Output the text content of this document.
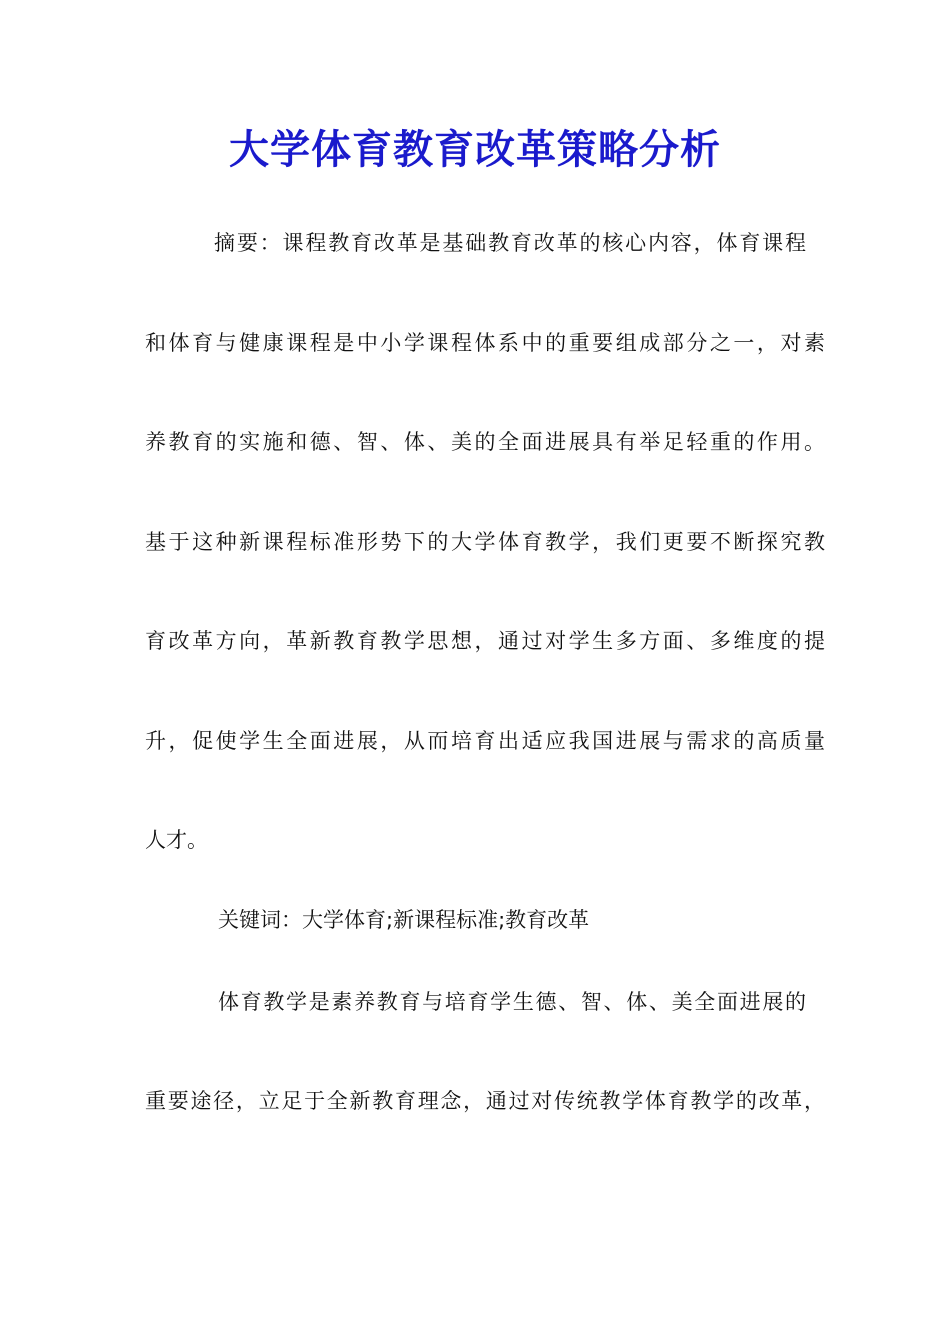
大学体育教育改革策略分析
摘要：课程教育改革是基础教育改革的核心内容，体育课程
和体育与健康课程是中小学课程体系中的重要组成部分之一，对素
养教育的实施和德、智、体、美的全面进展具有举足轻重的作用。
基于这种新课程标准形势下的大学体育教学，我们更要不断探究教
育改革方向，革新教育教学思想，通过对学生多方面、多维度的提
升，促使学生全面进展，从而培育出适应我国进展与需求的高质量
人才。
关键词：大学体育;新课程标准;教育改革
体育教学是素养教育与培育学生德、智、体、美全面进展的
重要途径，立足于全新教育理念，通过对传统教学体育教学的改革，
